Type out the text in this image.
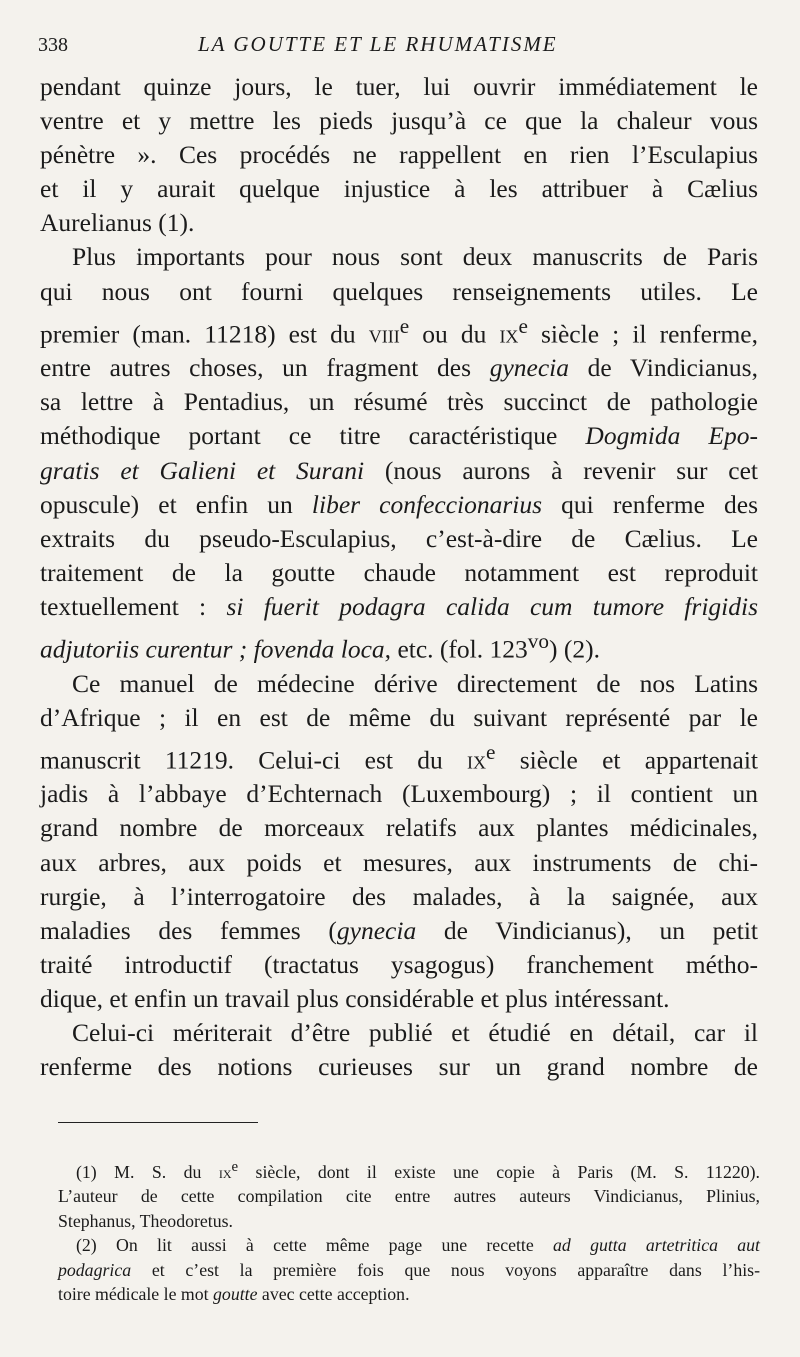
338	LA GOUTTE ET LE RHUMATISME
pendant quinze jours, le tuer, lui ouvrir immédiatement le
ventre et y mettre les pieds jusqu’à ce que la chaleur vous
pénètre ». Ces procédés ne rappellent en rien l’Esculapius
et il y aurait quelque injustice à les attribuer à Cælius
Aurelianus (1).
Plus importants pour nous sont deux manuscrits de Paris
qui nous ont fourni quelques renseignements utiles. Le
premier (man. 11218) est du viii$^e$ ou du $ix^e$ siècle ; il renferme,
entre autres choses, un fragment des gynecia de Vindicianus,
sa lettre à Pentadius, un résumé très succinct de pathologie
méthodique portant ce titre caractéristique Dogmida Epo-
gratis et Galieni et Surani (nous aurons à revenir sur cet
opuscule) et enfin un liber confeccionarius qui renferme des
extraits du pseudo-Esculapius, c’est-à-dire de Cælius. Le
traitement de la goutte chaude notamment est reproduit
textuellement : si fuerit podagra calida cum tumore frigidis
adjutoriis curentur ; fovenda loca, etc. (fol. $123^{vo}$) (2).
Ce manuel de médecine dérive directement de nos Latins
d’Afrique ; il en est de même du suivant représenté par le
manuscrit 11219. Celui-ci est du $ix^e$ siècle et appartenait
jadis à l’abbaye d’Echternach (Luxembourg) ; il contient un
grand nombre de morceaux relatifs aux plantes médicinales,
aux arbres, aux poids et mesures, aux instruments de chi-
rurgie, à l’interrogatoire des malades, à la saignée, aux
maladies des femmes (gynecia de Vindicianus), un petit
traité introductif (tractatus ysagogus) franchement métho-
dique, et enfin un travail plus considérable et plus intéressant.
Celui-ci mériterait d’être publié et étudié en détail, car il
renferme des notions curieuses sur un grand nombre de
(1) M. S. du $ix^e$ siècle, dont il existe une copie à Paris (M. S. 11220).
L’auteur de cette compilation cite entre autres auteurs Vindicianus, Plinius,
Stephanus, Theodoretus.
(2) On lit aussi à cette même page une recette ad gutta artetritica aut
podagrica et c’est la première fois que nous voyons apparaître dans l’his-
toire médicale le mot goutte avec cette acception.
